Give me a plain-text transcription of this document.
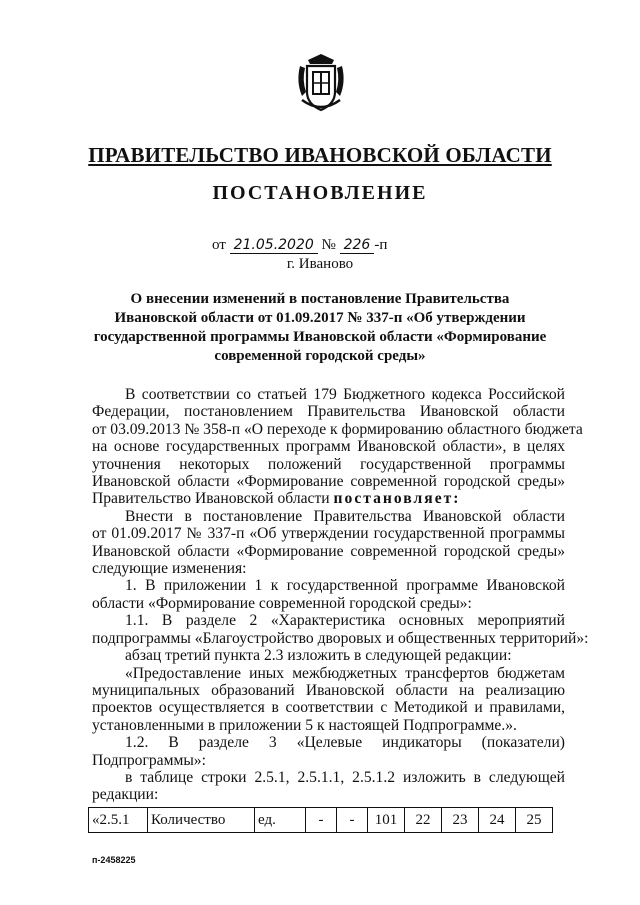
ПРАВИТЕЛЬСТВО ИВАНОВСКОЙ ОБЛАСТИ
ПОСТАНОВЛЕНИЕ
от 21.05.2020 № 226 -п
г. Иваново
О внесении изменений в постановление Правительства
Ивановской области от 01.09.2017 № 337-п «Об утверждении
государственной программы Ивановской области «Формирование
современной городской среды»
В соответствии со статьей 179 Бюджетного кодекса Российской
Федерации, постановлением Правительства Ивановской области
от 03.09.2013 № 358-п «О переходе к формированию областного бюджета
на основе государственных программ Ивановской области», в целях
уточнения некоторых положений государственной программы
Ивановской области «Формирование современной городской среды»
Правительство Ивановской области постановляет:
Внести в постановление Правительства Ивановской области
от 01.09.2017 № 337-п «Об утверждении государственной программы
Ивановской области «Формирование современной городской среды»
следующие изменения:
1. В приложении 1 к государственной программе Ивановской
области «Формирование современной городской среды»:
1.1. В разделе 2 «Характеристика основных мероприятий
подпрограммы «Благоустройство дворовых и общественных территорий»:
абзац третий пункта 2.3 изложить в следующей редакции:
«Предоставление иных межбюджетных трансфертов бюджетам
муниципальных образований Ивановской области на реализацию
проектов осуществляется в соответствии с Методикой и правилами,
установленными в приложении 5 к настоящей Подпрограмме.».
1.2. В разделе 3 «Целевые индикаторы (показатели)
Подпрограммы»:
в таблице строки 2.5.1, 2.5.1.1, 2.5.1.2 изложить в следующей
редакции:
«2.5.1	Количество	ед.	-	-	101	22	23	24	25
п-2458225
